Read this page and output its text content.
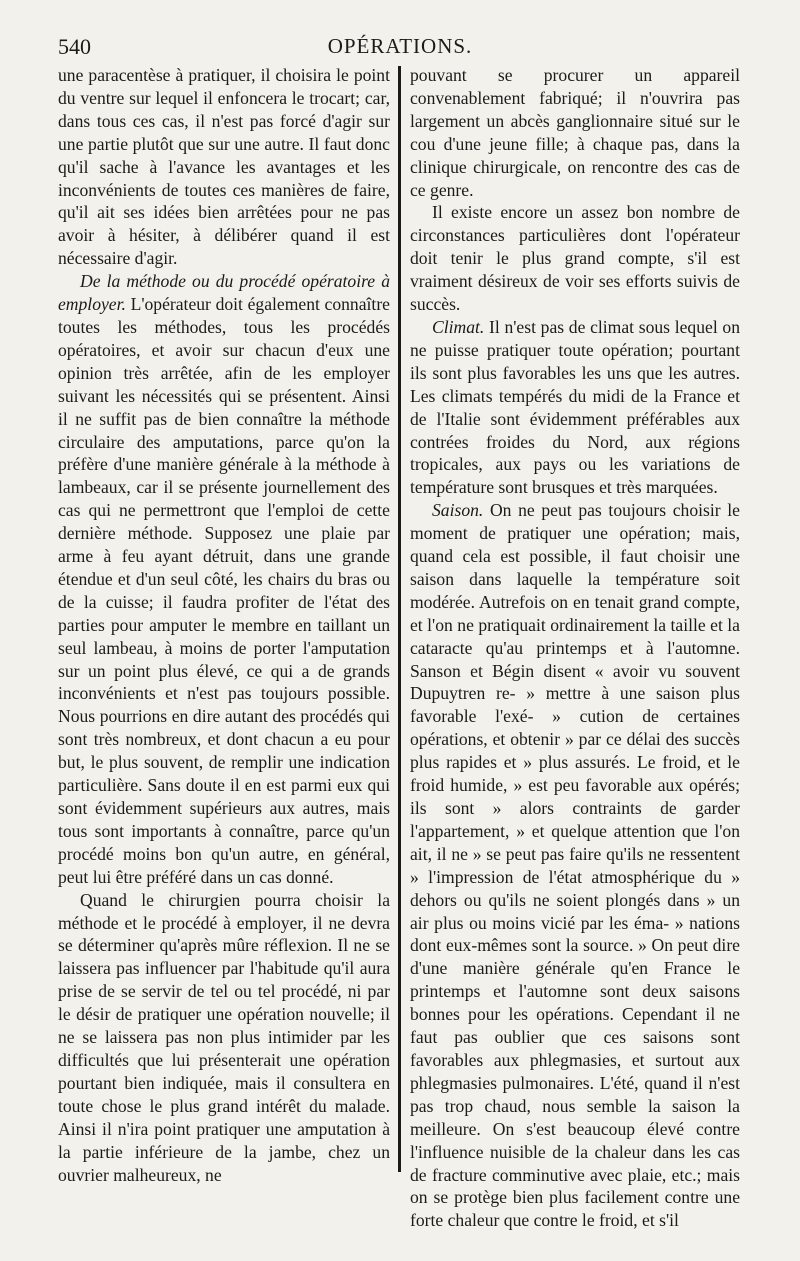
540	OPÉRATIONS.

une paracentèse à pratiquer, il choisira le point du ventre sur lequel il enfoncera le trocart; car, dans tous ces cas, il n'est pas forcé d'agir sur une partie plutôt que sur une autre. Il faut donc qu'il sache à l'avance les avantages et les inconvénients de toutes ces manières de faire, qu'il ait ses idées bien arrêtées pour ne pas avoir à hésiter, à délibérer quand il est nécessaire d'agir.

De la méthode ou du procédé opératoire à employer. L'opérateur doit également connaître toutes les méthodes, tous les procédés opératoires, et avoir sur chacun d'eux une opinion très arrêtée, afin de les employer suivant les nécessités qui se présentent. Ainsi il ne suffit pas de bien connaître la méthode circulaire des amputations, parce qu'on la préfère d'une manière générale à la méthode à lambeaux, car il se présente journellement des cas qui ne permettront que l'emploi de cette dernière méthode. Supposez une plaie par arme à feu ayant détruit, dans une grande étendue et d'un seul côté, les chairs du bras ou de la cuisse; il faudra profiter de l'état des parties pour amputer le membre en taillant un seul lambeau, à moins de porter l'amputation sur un point plus élevé, ce qui a de grands inconvénients et n'est pas toujours possible. Nous pourrions en dire autant des procédés qui sont très nombreux, et dont chacun a eu pour but, le plus souvent, de remplir une indication particulière. Sans doute il en est parmi eux qui sont évidemment supérieurs aux autres, mais tous sont importants à connaître, parce qu'un procédé moins bon qu'un autre, en général, peut lui être préféré dans un cas donné.

Quand le chirurgien pourra choisir la méthode et le procédé à employer, il ne devra se déterminer qu'après mûre réflexion. Il ne se laissera pas influencer par l'habitude qu'il aura prise de se servir de tel ou tel procédé, ni par le désir de pratiquer une opération nouvelle; il ne se laissera pas non plus intimider par les difficultés que lui présenterait une opération pourtant bien indiquée, mais il consultera en toute chose le plus grand intérêt du malade. Ainsi il n'ira point pratiquer une amputation à la partie inférieure de la jambe, chez un ouvrier malheureux, ne

pouvant se procurer un appareil convenablement fabriqué; il n'ouvrira pas largement un abcès ganglionnaire situé sur le cou d'une jeune fille; à chaque pas, dans la clinique chirurgicale, on rencontre des cas de ce genre.

Il existe encore un assez bon nombre de circonstances particulières dont l'opérateur doit tenir le plus grand compte, s'il est vraiment désireux de voir ses efforts suivis de succès.

Climat. Il n'est pas de climat sous lequel on ne puisse pratiquer toute opération; pourtant ils sont plus favorables les uns que les autres. Les climats tempérés du midi de la France et de l'Italie sont évidemment préférables aux contrées froides du Nord, aux régions tropicales, aux pays ou les variations de température sont brusques et très marquées.

Saison. On ne peut pas toujours choisir le moment de pratiquer une opération; mais, quand cela est possible, il faut choisir une saison dans laquelle la température soit modérée. Autrefois on en tenait grand compte, et l'on ne pratiquait ordinairement la taille et la cataracte qu'au printemps et à l'automne. Sanson et Bégin disent « avoir vu souvent Dupuytren re- » mettre à une saison plus favorable l'exé- » cution de certaines opérations, et obtenir » par ce délai des succès plus rapides et » plus assurés. Le froid, et le froid humide, » est peu favorable aux opérés; ils sont » alors contraints de garder l'appartement, » et quelque attention que l'on ait, il ne » se peut pas faire qu'ils ne ressentent » l'impression de l'état atmosphérique du » dehors ou qu'ils ne soient plongés dans » un air plus ou moins vicié par les éma- » nations dont eux-mêmes sont la source. » On peut dire d'une manière générale qu'en France le printemps et l'automne sont deux saisons bonnes pour les opérations. Cependant il ne faut pas oublier que ces saisons sont favorables aux phlegmasies, et surtout aux phlegmasies pulmonaires. L'été, quand il n'est pas trop chaud, nous semble la saison la meilleure. On s'est beaucoup élevé contre l'influence nuisible de la chaleur dans les cas de fracture comminutive avec plaie, etc.; mais on se protège bien plus facilement contre une forte chaleur que contre le froid, et s'il
